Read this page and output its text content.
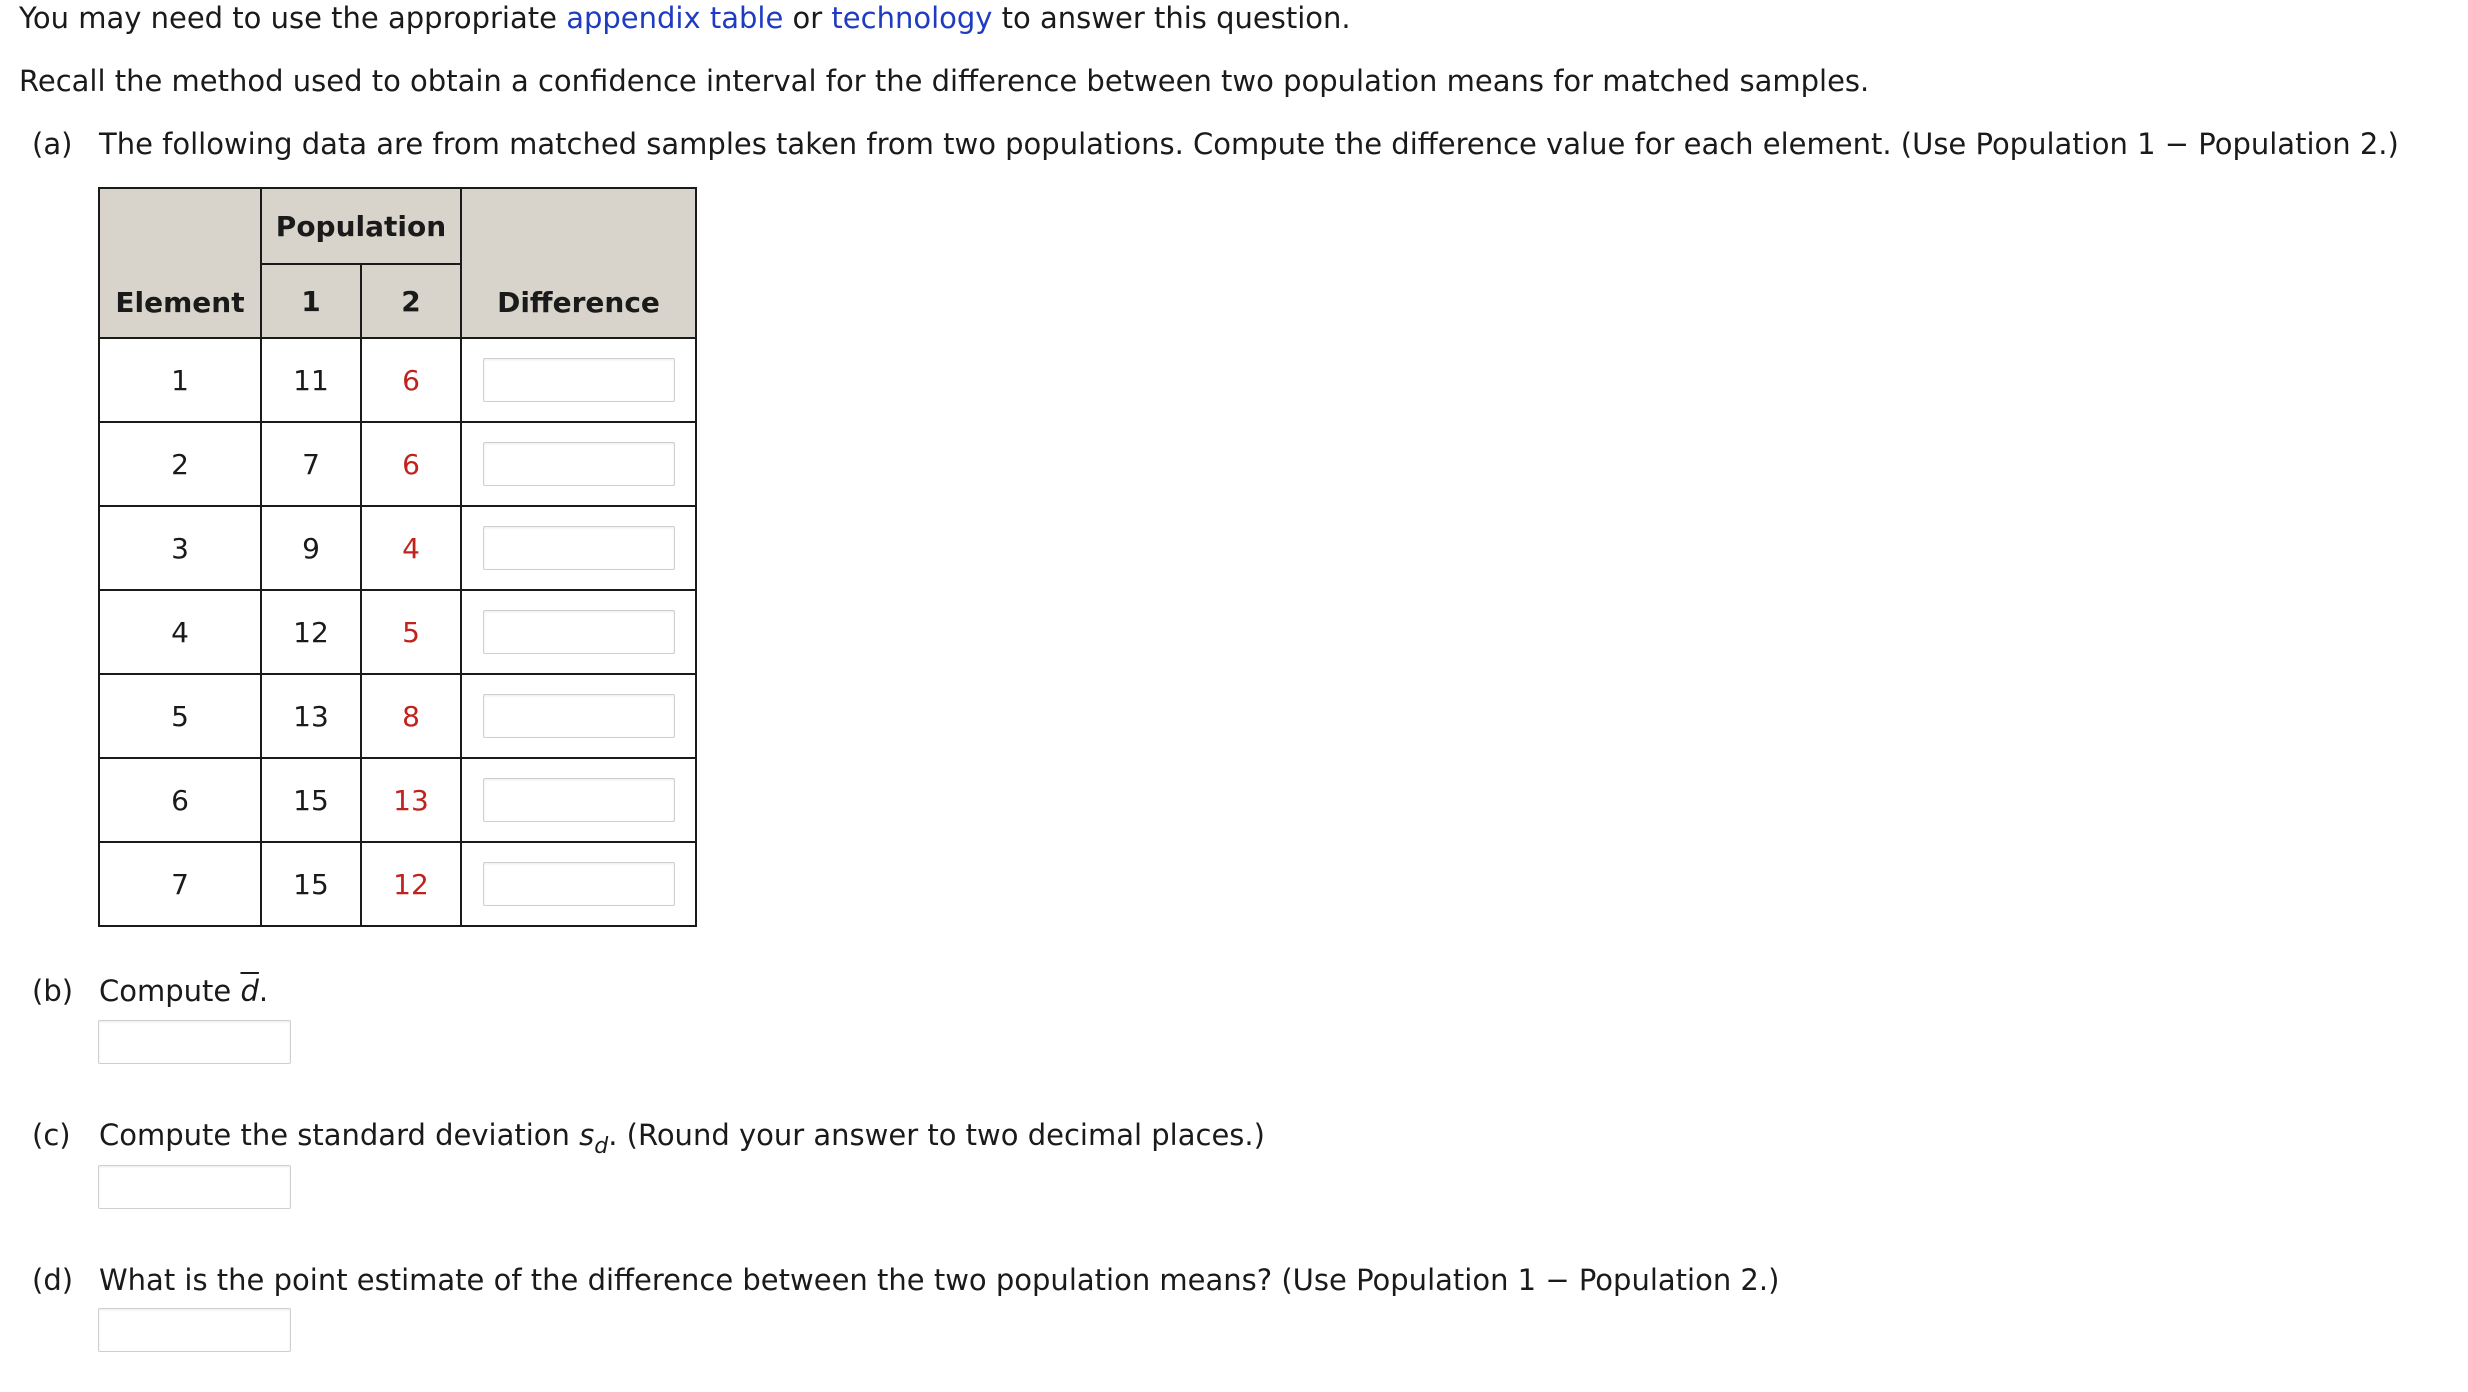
You may need to use the appropriate appendix table or technology to answer this question.
Recall the method used to obtain a confidence interval for the difference between two population means for matched samples.
(a) The following data are from matched samples taken from two populations. Compute the difference value for each element. (Use Population 1 − Population 2.)
Element	Population		Difference
	1	2	
1	11	6	

2	7	6	

3	9	4	

4	12	5	

5	13	8	

6	15	13	

7	15	12	
(b) Compute $\overline{d}$.
(c) Compute the standard deviation $s_d$. (Round your answer to two decimal places.)
(d) What is the point estimate of the difference between the two population means? (Use Population 1 − Population 2.)
